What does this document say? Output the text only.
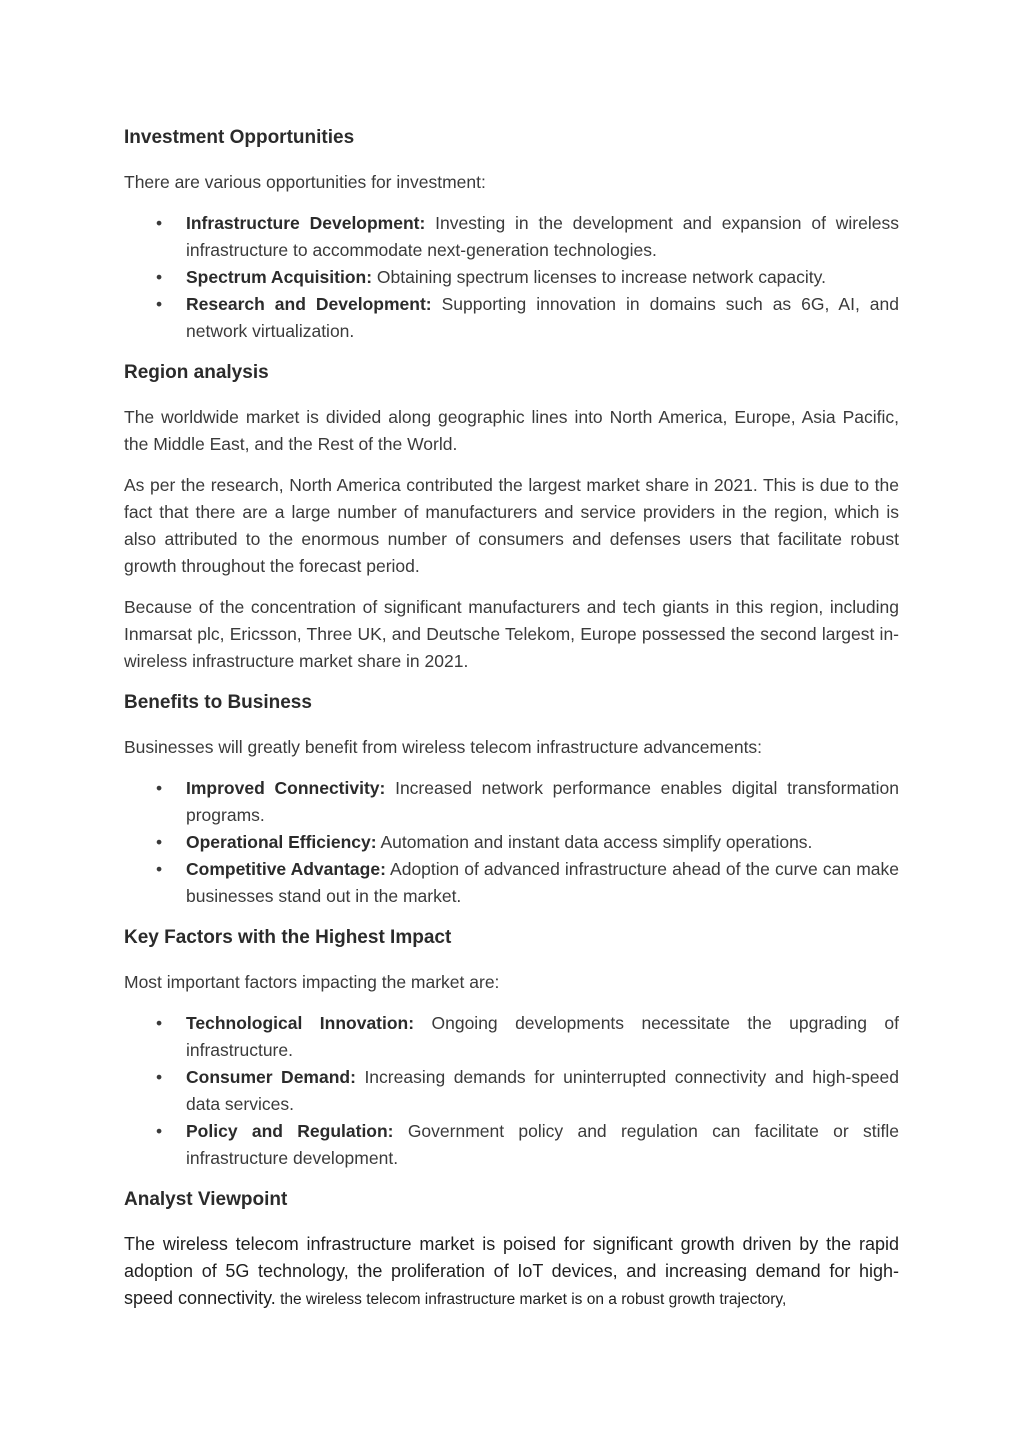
Investment Opportunities

There are various opportunities for investment:

• Infrastructure Development: Investing in the development and expansion of wireless infrastructure to accommodate next-generation technologies.
• Spectrum Acquisition: Obtaining spectrum licenses to increase network capacity.
• Research and Development: Supporting innovation in domains such as 6G, AI, and network virtualization.
Region analysis

The worldwide market is divided along geographic lines into North America, Europe, Asia Pacific, the Middle East, and the Rest of the World.

As per the research, North America contributed the largest market share in 2021. This is due to the fact that there are a large number of manufacturers and service providers in the region, which is also attributed to the enormous number of consumers and defenses users that facilitate robust growth throughout the forecast period.

Because of the concentration of significant manufacturers and tech giants in this region, including Inmarsat plc, Ericsson, Three UK, and Deutsche Telekom, Europe possessed the second largest in-wireless infrastructure market share in 2021.

Benefits to Business

Businesses will greatly benefit from wireless telecom infrastructure advancements:

• Improved Connectivity: Increased network performance enables digital transformation programs.
• Operational Efficiency: Automation and instant data access simplify operations.
• Competitive Advantage: Adoption of advanced infrastructure ahead of the curve can make businesses stand out in the market.
Key Factors with the Highest Impact

Most important factors impacting the market are:

• Technological Innovation: Ongoing developments necessitate the upgrading of infrastructure.
• Consumer Demand: Increasing demands for uninterrupted connectivity and high-speed data services.
• Policy and Regulation: Government policy and regulation can facilitate or stifle infrastructure development.
Analyst Viewpoint

The wireless telecom infrastructure market is poised for significant growth driven by the rapid adoption of 5G technology, the proliferation of IoT devices, and increasing demand for high-speed connectivity. the wireless telecom infrastructure market is on a robust growth trajectory,
